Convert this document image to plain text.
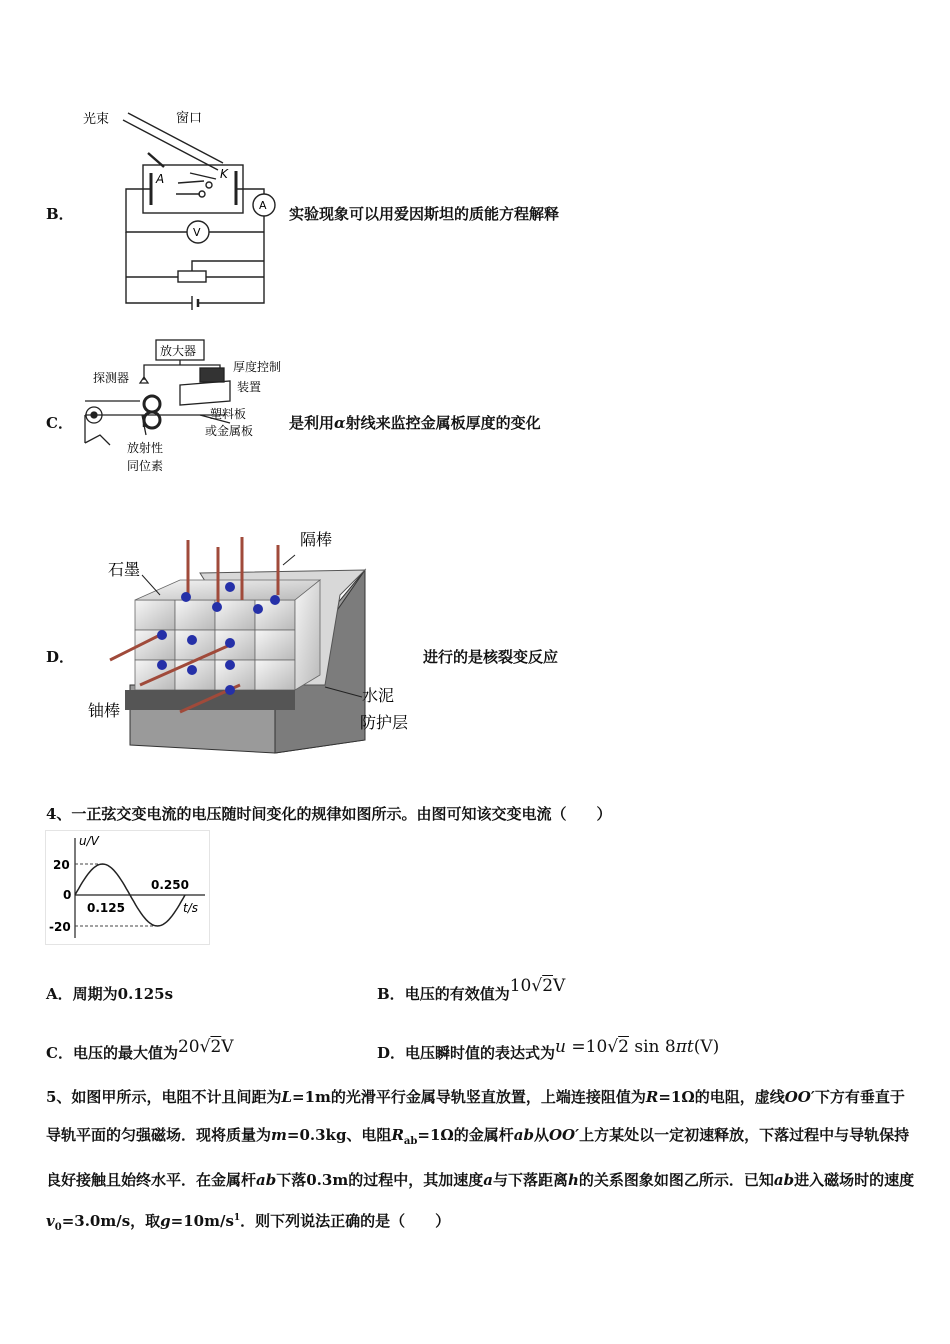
B．
光束	窗口
A	K
A
V
实验现象可以用爱因斯坦的质能方程解释
C．
放大器
探测器
厚度控制
装置
塑料板
或金属板
放射性
同位素
是利用α射线来监控金属板厚度的变化
D．
隔棒
石墨
铀棒
水泥
防护层
进行的是核裂变反应
4、一正弦交变电流的电压随时间变化的规律如图所示。由图可知该交变电流（　　）
u/V
t/s
20
0
-20
0.125
0.250
A．周期为0.125s	B．电压的有效值为10√2V
C．电压的最大值为20√2V	D．电压瞬时值的表达式为u =10√2 sin 8πt(V)
5、如图甲所示，电阻不计且间距为L=1m的光滑平行金属导轨竖直放置，上端连接阻值为R=1Ω的电阻，虚线OO′下方有垂直于导轨平面的匀强磁场．现将质量为m=0.3kg、电阻$R_{ab}=1\Omega$的金属杆ab从OO′上方某处以一定初速释放，下落过程中与导轨保持良好接触且始终水平．在金属杆ab下落0.3m的过程中，其加速度a与下落距离h的关系图象如图乙所示．已知ab进入磁场时的速度$v_0=3.0m/s$，取$g=10m/s^1$．则下列说法正确的是（　　）
